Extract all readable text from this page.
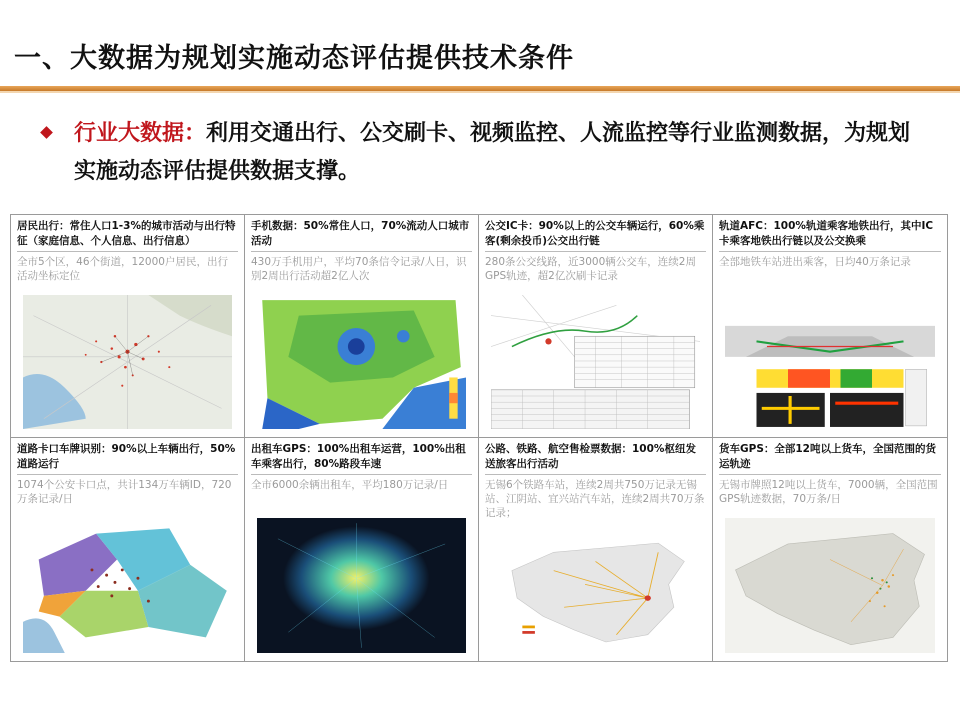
一、大数据为规划实施动态评估提供技术条件
行业大数据：利用交通出行、公交刷卡、视频监控、人流监控等行业监测数据，为规划实施动态评估提供数据支撑。
居民出行：常住人口1-3%的城市活动与出行特征（家庭信息、个人信息、出行信息）
全市5个区，46个街道，12000户居民，出行活动坐标定位
手机数据：50%常住人口，70%流动人口城市活动
430万手机用户，平均70条信令记录/人日，识别2周出行活动超2亿人次
公交IC卡：90%以上的公交车辆运行，60%乘客(剩余投币)公交出行链
280条公交线路，近3000辆公交车，连续2周GPS轨迹，超2亿次刷卡记录
轨道AFC：100%轨道乘客地铁出行，其中IC卡乘客地铁出行链以及公交换乘
全部地铁车站进出乘客，日均40万条记录
道路卡口车牌识别：90%以上车辆出行，50%道路运行
1074个公安卡口点，共计134万车辆ID，720万条记录/日
出租车GPS：100%出租车运营，100%出租车乘客出行，80%路段车速
全市6000余辆出租车，平均180万记录/日
公路、铁路、航空售检票数据：100%枢纽发送旅客出行活动
无锡6个铁路车站，连续2周共750万记录无锡站、江阴站、宜兴站汽车站，连续2周共70万条记录；
货车GPS：全部12吨以上货车，全国范围的货运轨迹
无锡市牌照12吨以上货车，7000辆，全国范围GPS轨迹数据，70万条/日
